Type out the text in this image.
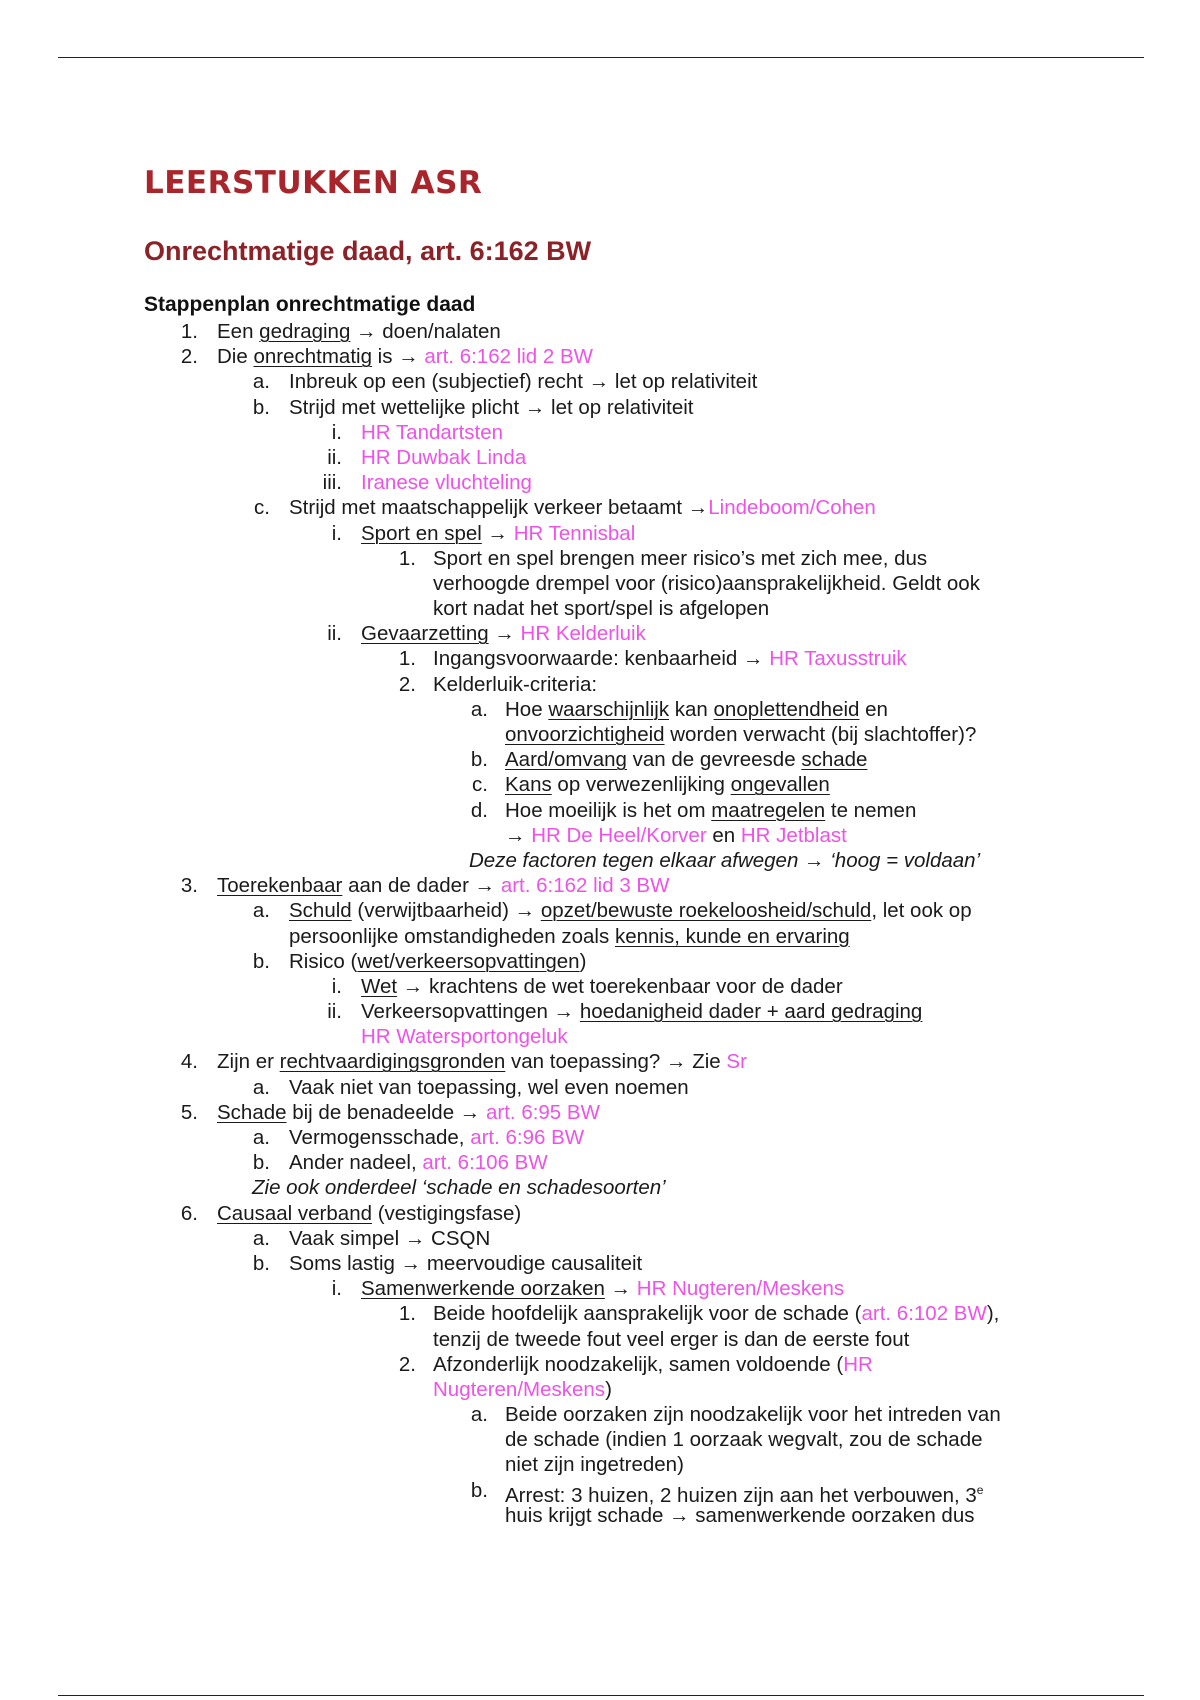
LEERSTUKKEN ASR
Onrechtmatige daad, art. 6:162 BW
Stappenplan onrechtmatige daad
1. Een gedraging → doen/nalaten
2. Die onrechtmatig is → art. 6:162 lid 2 BW
a. Inbreuk op een (subjectief) recht → let op relativiteit
b. Strijd met wettelijke plicht → let op relativiteit
i. HR Tandartsten
ii. HR Duwbak Linda
iii. Iranese vluchteling
c. Strijd met maatschappelijk verkeer betaamt →Lindeboom/Cohen
i. Sport en spel → HR Tennisbal
1. Sport en spel brengen meer risico’s met zich mee, dus
verhoogde drempel voor (risico)aansprakelijkheid. Geldt ook
kort nadat het sport/spel is afgelopen
ii. Gevaarzetting → HR Kelderluik
1. Ingangsvoorwaarde: kenbaarheid → HR Taxusstruik
2. Kelderluik-criteria:
a. Hoe waarschijnlijk kan onoplettendheid en
onvoorzichtigheid worden verwacht (bij slachtoffer)?
b. Aard/omvang van de gevreesde schade
c. Kans op verwezenlijking ongevallen
d. Hoe moeilijk is het om maatregelen te nemen
→ HR De Heel/Korver en HR Jetblast
Deze factoren tegen elkaar afwegen → ‘hoog = voldaan’
3. Toerekenbaar aan de dader → art. 6:162 lid 3 BW
a. Schuld (verwijtbaarheid) → opzet/bewuste roekeloosheid/schuld, let ook op
persoonlijke omstandigheden zoals kennis, kunde en ervaring
b. Risico (wet/verkeersopvattingen)
i. Wet → krachtens de wet toerekenbaar voor de dader
ii. Verkeersopvattingen → hoedanigheid dader + aard gedraging
HR Watersportongeluk
4. Zijn er rechtvaardigingsgronden van toepassing? → Zie Sr
a. Vaak niet van toepassing, wel even noemen
5. Schade bij de benadeelde → art. 6:95 BW
a. Vermogensschade, art. 6:96 BW
b. Ander nadeel, art. 6:106 BW
Zie ook onderdeel ‘schade en schadesoorten’
6. Causaal verband (vestigingsfase)
a. Vaak simpel → CSQN
b. Soms lastig → meervoudige causaliteit
i. Samenwerkende oorzaken → HR Nugteren/Meskens
1. Beide hoofdelijk aansprakelijk voor de schade (art. 6:102 BW),
tenzij de tweede fout veel erger is dan de eerste fout
2. Afzonderlijk noodzakelijk, samen voldoende (HR
Nugteren/Meskens)
a. Beide oorzaken zijn noodzakelijk voor het intreden van
de schade (indien 1 oorzaak wegvalt, zou de schade
niet zijn ingetreden)
b. Arrest: 3 huizen, 2 huizen zijn aan het verbouwen, 3e
huis krijgt schade → samenwerkende oorzaken dus
